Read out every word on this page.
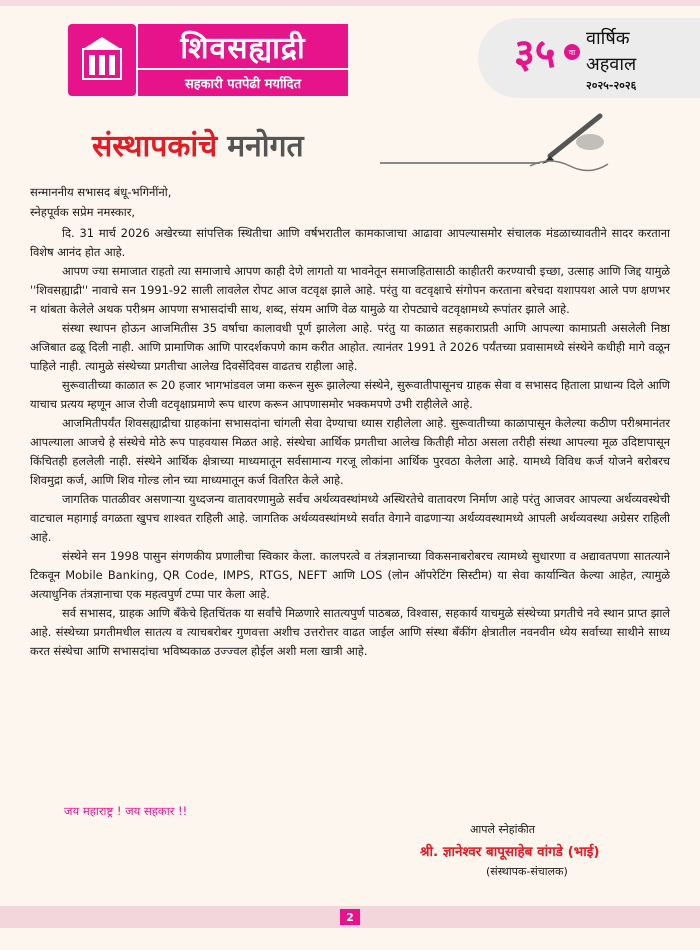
शिवसह्याद्री
सहकारी पतपेढी मर्यादित
३५	वा
वार्षिक
अहवाल
२०२५-२०२६
संस्थापकांचे मनोगत
सन्माननीय सभासद बंधू-भगिनींनो,
स्नेहपूर्वक सप्रेम नमस्कार,

दि. 31 मार्च 2026 अखेरच्या सांपत्तिक स्थितीचा आणि वर्षभरातील कामकाजाचा आढावा आपल्यासमोर संचालक मंडळाच्यावतीने सादर करताना विशेष आनंद होत आहे.

आपण ज्या समाजात राहतो त्या समाजाचे आपण काही देणे लागतो या भावनेतून समाजहितासाठी काहीतरी करण्याची इच्छा, उत्साह आणि जिद्द यामुळे ''शिवसह्याद्री'' नावाचे सन 1991-92 साली लावलेल रोपट आज वटवृक्ष झाले आहे. परंतु या वटवृक्षाचे संगोपन करताना बरेचदा यशापयश आले पण क्षणभर न थांबता केलेले अथक परीश्रम आपणा सभासदांची साथ, शब्द, संयम आणि वेळ यामुळे या रोपट्याचे वटवृक्षामध्ये रूपांतर झाले आहे.

संस्था स्थापन होऊन आजमितीस 35 वर्षाचा कालावधी पूर्ण झालेला आहे. परंतु या काळात सहकाराप्रती आणि आपल्या कामाप्रती असलेली निष्ठा अजिबात ढळू दिली नाही. आणि प्रामाणिक आणि पारदर्शकपणे काम करीत आहोत. त्यानंतर 1991 ते 2026 पर्यंतच्या प्रवासामध्ये संस्थेने कधीही मागे वळून पाहिले नाही. त्यामुळे संस्थेच्या प्रगतीचा आलेख दिवसेंदिवस वाढतच राहीला आहे.

सुरूवातीच्या काळात रू 20 हजार भागभांडवल जमा करून सुरू झालेल्या संस्थेने, सुरूवातीपासूनच ग्राहक सेवा व सभासद हिताला प्राधान्य दिले आणि याचाच प्रत्यय म्हणून आज रोजी वटवृक्षाप्रमाणे रूप धारण करून आपणासमोर भक्कमपणे उभी राहीलेले आहे.

आजमितीपर्यंत शिवसह्याद्रीचा ग्राहकांना सभासदांना चांगली सेवा देण्याचा ध्यास राहीलेला आहे. सुरूवातीच्या काळापासून केलेल्या कठीण परीश्रमानंतर आपल्याला आजचे हे संस्थेचे मोठे रूप पाहवयास मिळत आहे. संस्थेचा आर्थिक प्रगतीचा आलेख कितीही मोठा असला तरीही संस्था आपल्या मूळ उदिष्टापासून किंचितही हललेली नाही. संस्थेने आर्थिक क्षेत्राच्या माध्यमातून सर्वसामान्य गरजू लोकांना आर्थिक पुरवठा केलेला आहे. यामध्ये विविध कर्ज योजने बरोबरच शिवमुद्रा कर्ज, आणि शिव गोल्ड लोन च्या माध्यमातून कर्ज वितरित केले आहे.

जागतिक पातळीवर असणाऱ्या युध्दजन्य वातावरणामुळे सर्वच अर्थव्यवस्थांमध्ये अस्थिरतेचे वातावरण निर्माण आहे परंतु आजवर आपल्या अर्थव्यवस्थेची वाटचाल महागाई वगळता खुपच शाश्वत राहिली आहे. जागतिक अर्थव्यवस्थांमध्ये सर्वात वेगाने वाढणाऱ्या अर्थव्यवस्थामध्ये आपली अर्थव्यवस्था अग्रेसर राहिली आहे.

संस्थेने सन 1998 पासुन संगणकीय प्रणालीचा स्विकार केला. कालपरत्वे व तंत्रज्ञानाच्या विकसनाबरोबरच त्यामध्ये सुधारणा व अद्यावतपणा सातत्याने टिकवून Mobile Banking, QR Code, IMPS, RTGS, NEFT आणि LOS (लोन ऑपरेटिंग सिस्टीम) या सेवा कार्यान्वित केल्या आहेत, त्यामुळे अत्याधुनिक तंत्रज्ञानाचा एक महत्वपुर्ण टप्पा पार केला आहे.

सर्व सभासद, ग्राहक आणि बँकेचे हितचिंतक या सर्वांचे मिळणारे सातत्यपुर्ण पाठबळ, विश्वास, सहकार्य याचमुळे संस्थेच्या प्रगतीचे नवे स्थान प्राप्त झाले आहे. संस्थेच्या प्रगतीमधील सातत्य व त्याचबरोबर गुणवत्ता अशीच उत्तरोत्तर वाढत जाईल आणि संस्था बँकींग क्षेत्रातील नवनवीन ध्येय सर्वाच्या साथीने साध्य करत संस्थेचा आणि सभासदांचा भविष्यकाळ उज्ज्वल होईल अशी मला खात्री आहे.

जय महाराष्ट्र ! जय सहकार !!
आपले स्नेहांकीत
श्री. ज्ञानेश्वर बापूसाहेब वांगडे (भाई)
(संस्थापक-संचालक)
2
